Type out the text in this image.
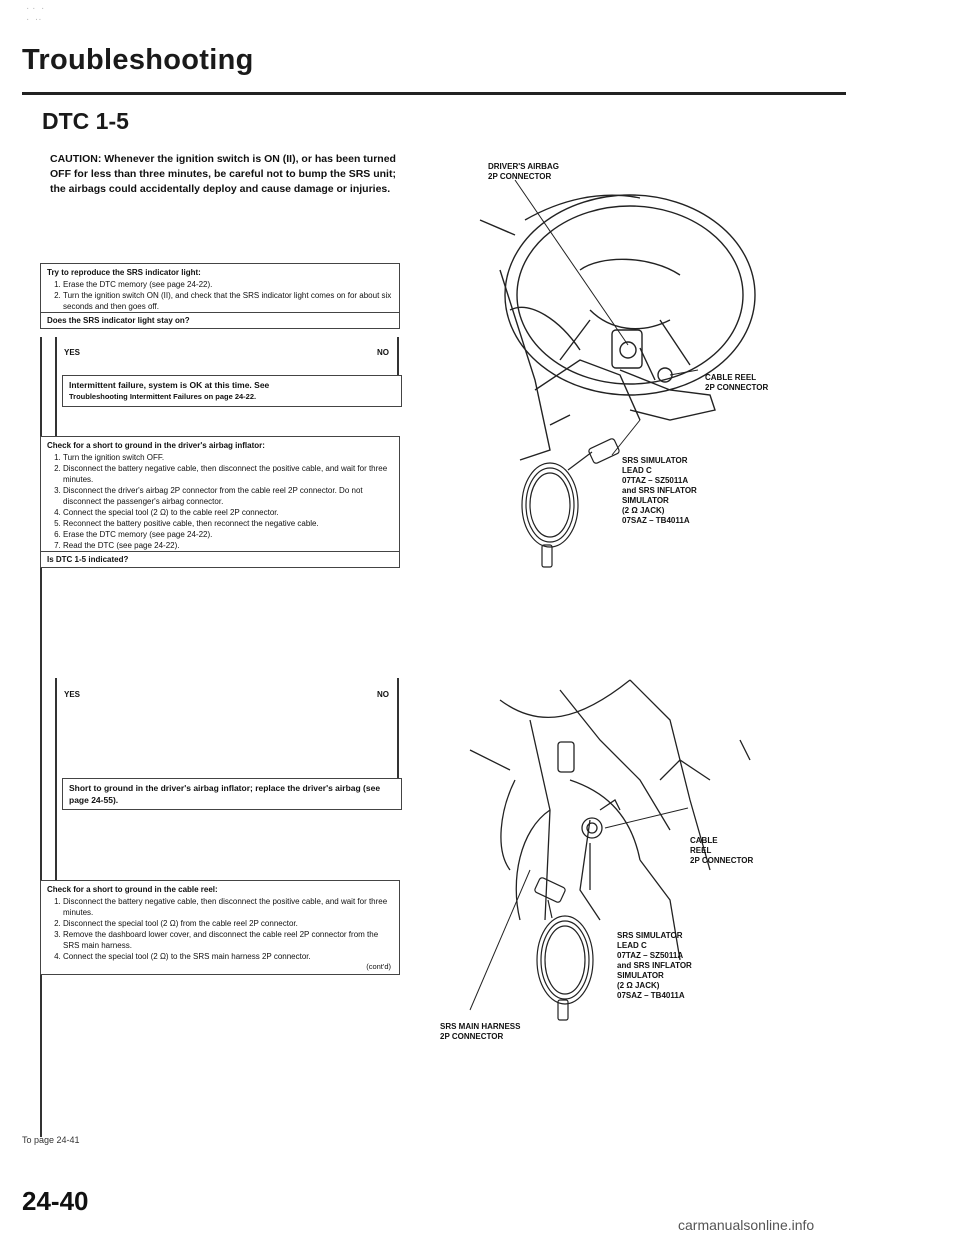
· ·  ·
·  ··
Troubleshooting
DTC 1-5
CAUTION: Whenever the ignition switch is ON (II), or has been turned OFF for less than three minutes, be careful not to bump the SRS unit; the airbags could accidentally deploy and cause damage or injuries.
Try to reproduce the SRS indicator light:
1. Erase the DTC memory (see page 24-22).
2. Turn the ignition switch ON (II), and check that the SRS indicator light comes on for about six seconds and then goes off.
Does the SRS indicator light stay on?
YES	NO
Intermittent failure, system is OK at this time. See
Troubleshooting Intermittent Failures on page 24-22.
Check for a short to ground in the driver's airbag inflator:
1. Turn the ignition switch OFF.
2. Disconnect the battery negative cable, then disconnect the positive cable, and wait for three minutes.
3. Disconnect the driver's airbag 2P connector from the cable reel 2P connector. Do not disconnect the passenger's airbag connector.
4. Connect the special tool (2 Ω) to the cable reel 2P connector.
5. Reconnect the battery positive cable, then reconnect the negative cable.
6. Erase the DTC memory (see page 24-22).
7. Read the DTC (see page 24-22).
Is DTC 1-5 indicated?
YES	NO
Short to ground in the driver's airbag inflator; replace the driver's airbag (see page 24-55).
Check for a short to ground in the cable reel:
1. Disconnect the battery negative cable, then disconnect the positive cable, and wait for three minutes.
2. Disconnect the special tool (2 Ω) from the cable reel 2P connector.
3. Remove the dashboard lower cover, and disconnect the cable reel 2P connector from the SRS main harness.
4. Connect the special tool (2 Ω) to the SRS main harness 2P connector.
(cont'd)
DRIVER'S AIRBAG
2P CONNECTOR
CABLE REEL
2P CONNECTOR
SRS SIMULATOR
LEAD C
07TAZ – SZ5011A
and SRS INFLATOR
SIMULATOR
(2 Ω JACK)
07SAZ – TB4011A
CABLE
REEL
2P CONNECTOR
SRS SIMULATOR
LEAD C
07TAZ – SZ5011A
and SRS INFLATOR
SIMULATOR
(2 Ω JACK)
07SAZ – TB4011A
SRS MAIN HARNESS
2P CONNECTOR
To page 24-41
24-40
carmanualsonline.info
